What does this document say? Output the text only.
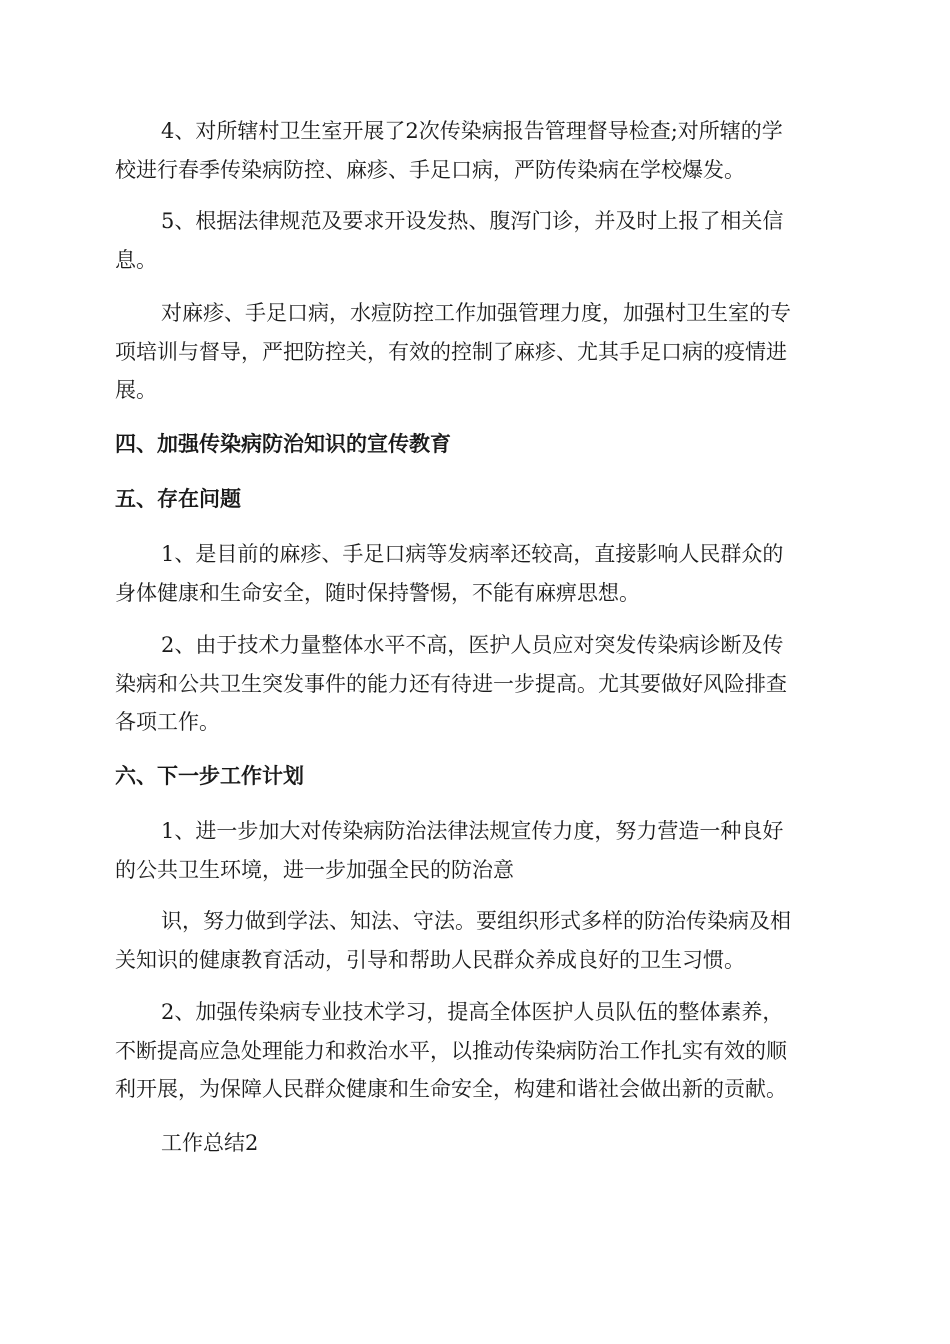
4、对所辖村卫生室开展了2次传染病报告管理督导检查;对所辖的学
校进行春季传染病防控、麻疹、手足口病，严防传染病在学校爆发。

5、根据法律规范及要求开设发热、腹泻门诊，并及时上报了相关信
息。

对麻疹、手足口病，水痘防控工作加强管理力度，加强村卫生室的专
项培训与督导，严把防控关，有效的控制了麻疹、尤其手足口病的疫情进
展。

四、加强传染病防治知识的宣传教育
五、存在问题

1、是目前的麻疹、手足口病等发病率还较高，直接影响人民群众的
身体健康和生命安全，随时保持警惕，不能有麻痹思想。

2、由于技术力量整体水平不高，医护人员应对突发传染病诊断及传
染病和公共卫生突发事件的能力还有待进一步提高。尤其要做好风险排查
各项工作。

六、下一步工作计划

1、进一步加大对传染病防治法律法规宣传力度，努力营造一种良好
的公共卫生环境，进一步加强全民的防治意

识，努力做到学法、知法、守法。要组织形式多样的防治传染病及相
关知识的健康教育活动，引导和帮助人民群众养成良好的卫生习惯。

2、加强传染病专业技术学习，提高全体医护人员队伍的整体素养，
不断提高应急处理能力和救治水平，以推动传染病防治工作扎实有效的顺
利开展，为保障人民群众健康和生命安全，构建和谐社会做出新的贡献。

工作总结2
